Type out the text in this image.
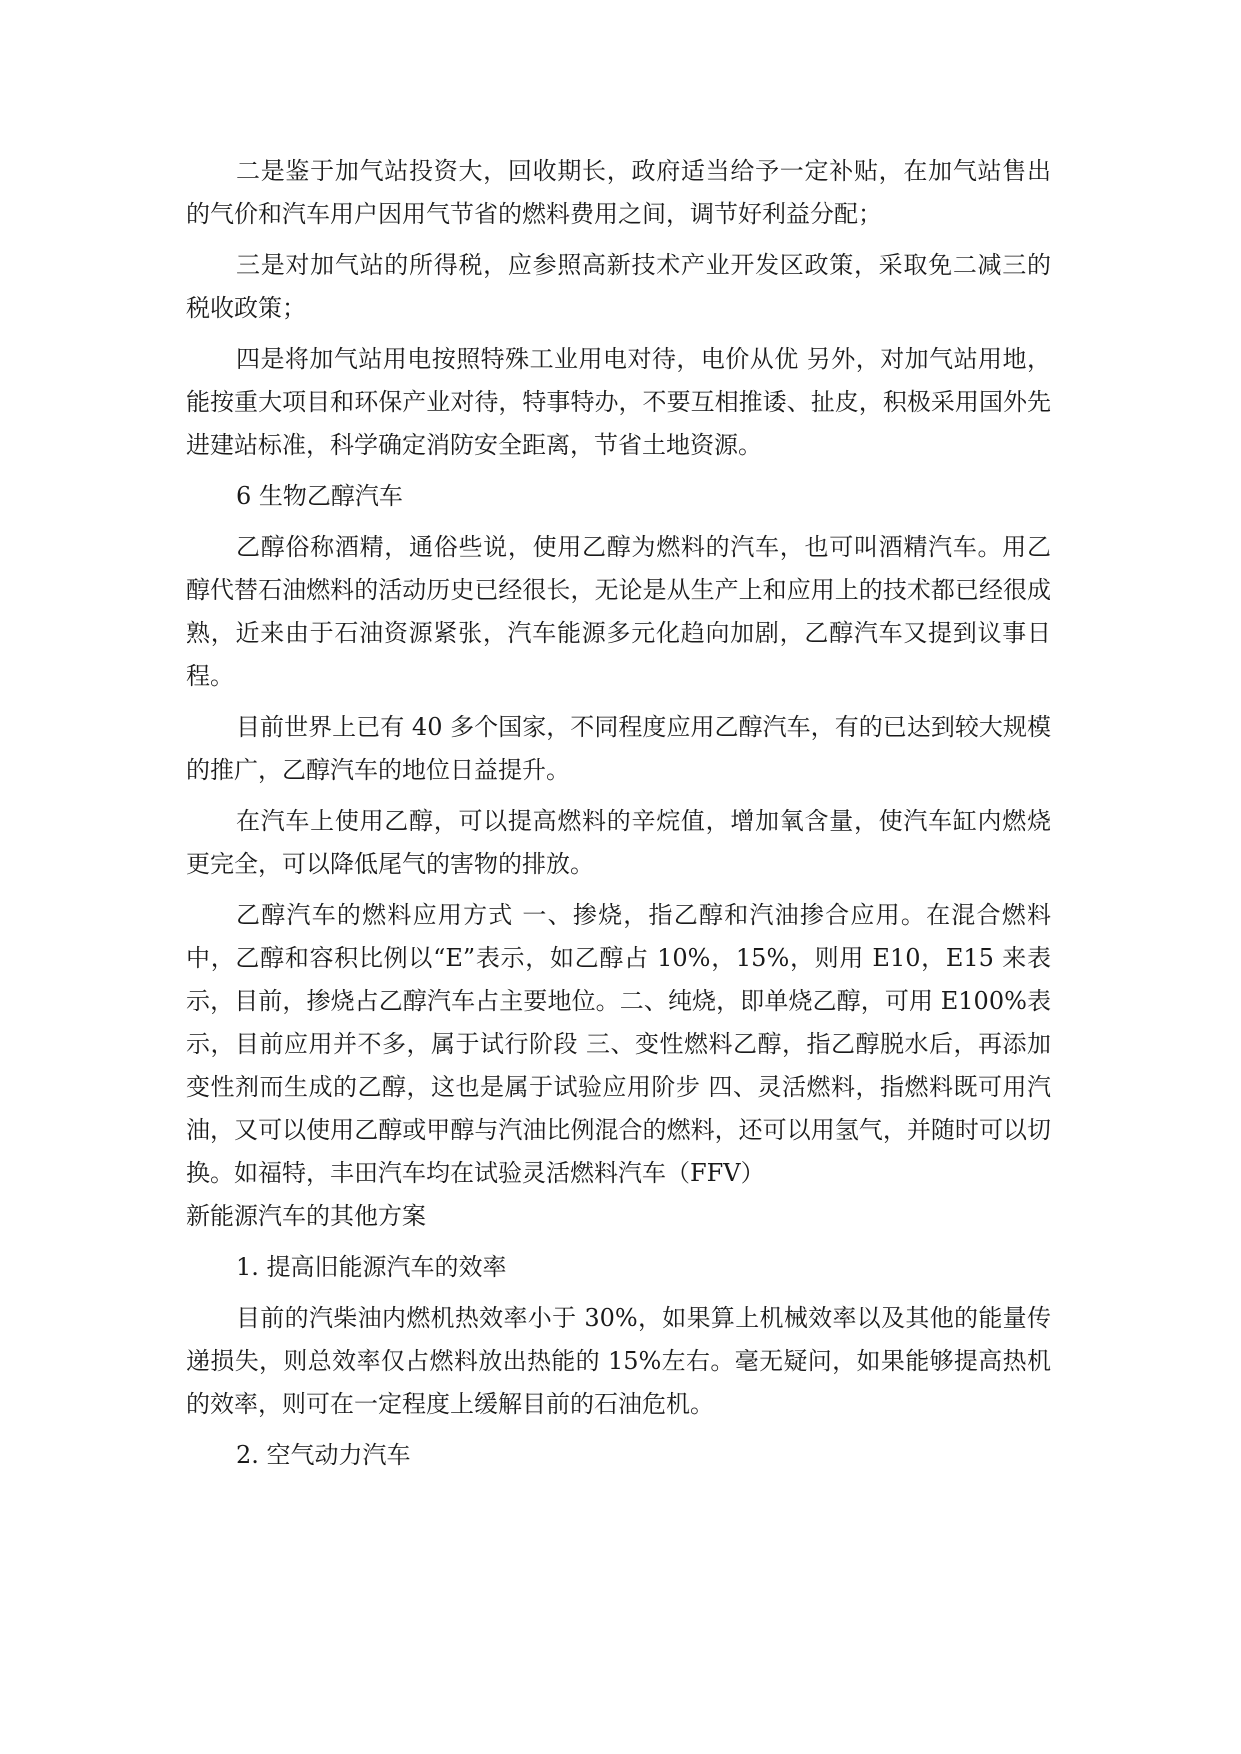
二是鉴于加气站投资大，回收期长，政府适当给予一定补贴，在加气站售出的气价和汽车用户因用气节省的燃料费用之间，调节好利益分配；

三是对加气站的所得税，应参照高新技术产业开发区政策，采取免二减三的税收政策；

四是将加气站用电按照特殊工业用电对待，电价从优 另外，对加气站用地，能按重大项目和环保产业对待，特事特办，不要互相推诿、扯皮，积极采用国外先进建站标准，科学确定消防安全距离，节省土地资源。

6 生物乙醇汽车

乙醇俗称酒精，通俗些说，使用乙醇为燃料的汽车，也可叫酒精汽车。用乙醇代替石油燃料的活动历史已经很长，无论是从生产上和应用上的技术都已经很成熟，近来由于石油资源紧张，汽车能源多元化趋向加剧，乙醇汽车又提到议事日程。

目前世界上已有 40 多个国家，不同程度应用乙醇汽车，有的已达到较大规模的推广，乙醇汽车的地位日益提升。

在汽车上使用乙醇，可以提高燃料的辛烷值，增加氧含量，使汽车缸内燃烧更完全，可以降低尾气的害物的排放。

乙醇汽车的燃料应用方式 一、掺烧，指乙醇和汽油掺合应用。在混合燃料中，乙醇和容积比例以“E”表示，如乙醇占 10%，15%，则用 E10，E15 来表示，目前，掺烧占乙醇汽车占主要地位。二、纯烧，即单烧乙醇，可用 E100%表示，目前应用并不多，属于试行阶段 三、变性燃料乙醇，指乙醇脱水后，再添加变性剂而生成的乙醇，这也是属于试验应用阶步 四、灵活燃料，指燃料既可用汽油，又可以使用乙醇或甲醇与汽油比例混合的燃料，还可以用氢气，并随时可以切换。如福特，丰田汽车均在试验灵活燃料汽车（FFV）

新能源汽车的其他方案

1. 提高旧能源汽车的效率

目前的汽柴油内燃机热效率小于 30%，如果算上机械效率以及其他的能量传递损失，则总效率仅占燃料放出热能的 15%左右。毫无疑问，如果能够提高热机的效率，则可在一定程度上缓解目前的石油危机。

2. 空气动力汽车
